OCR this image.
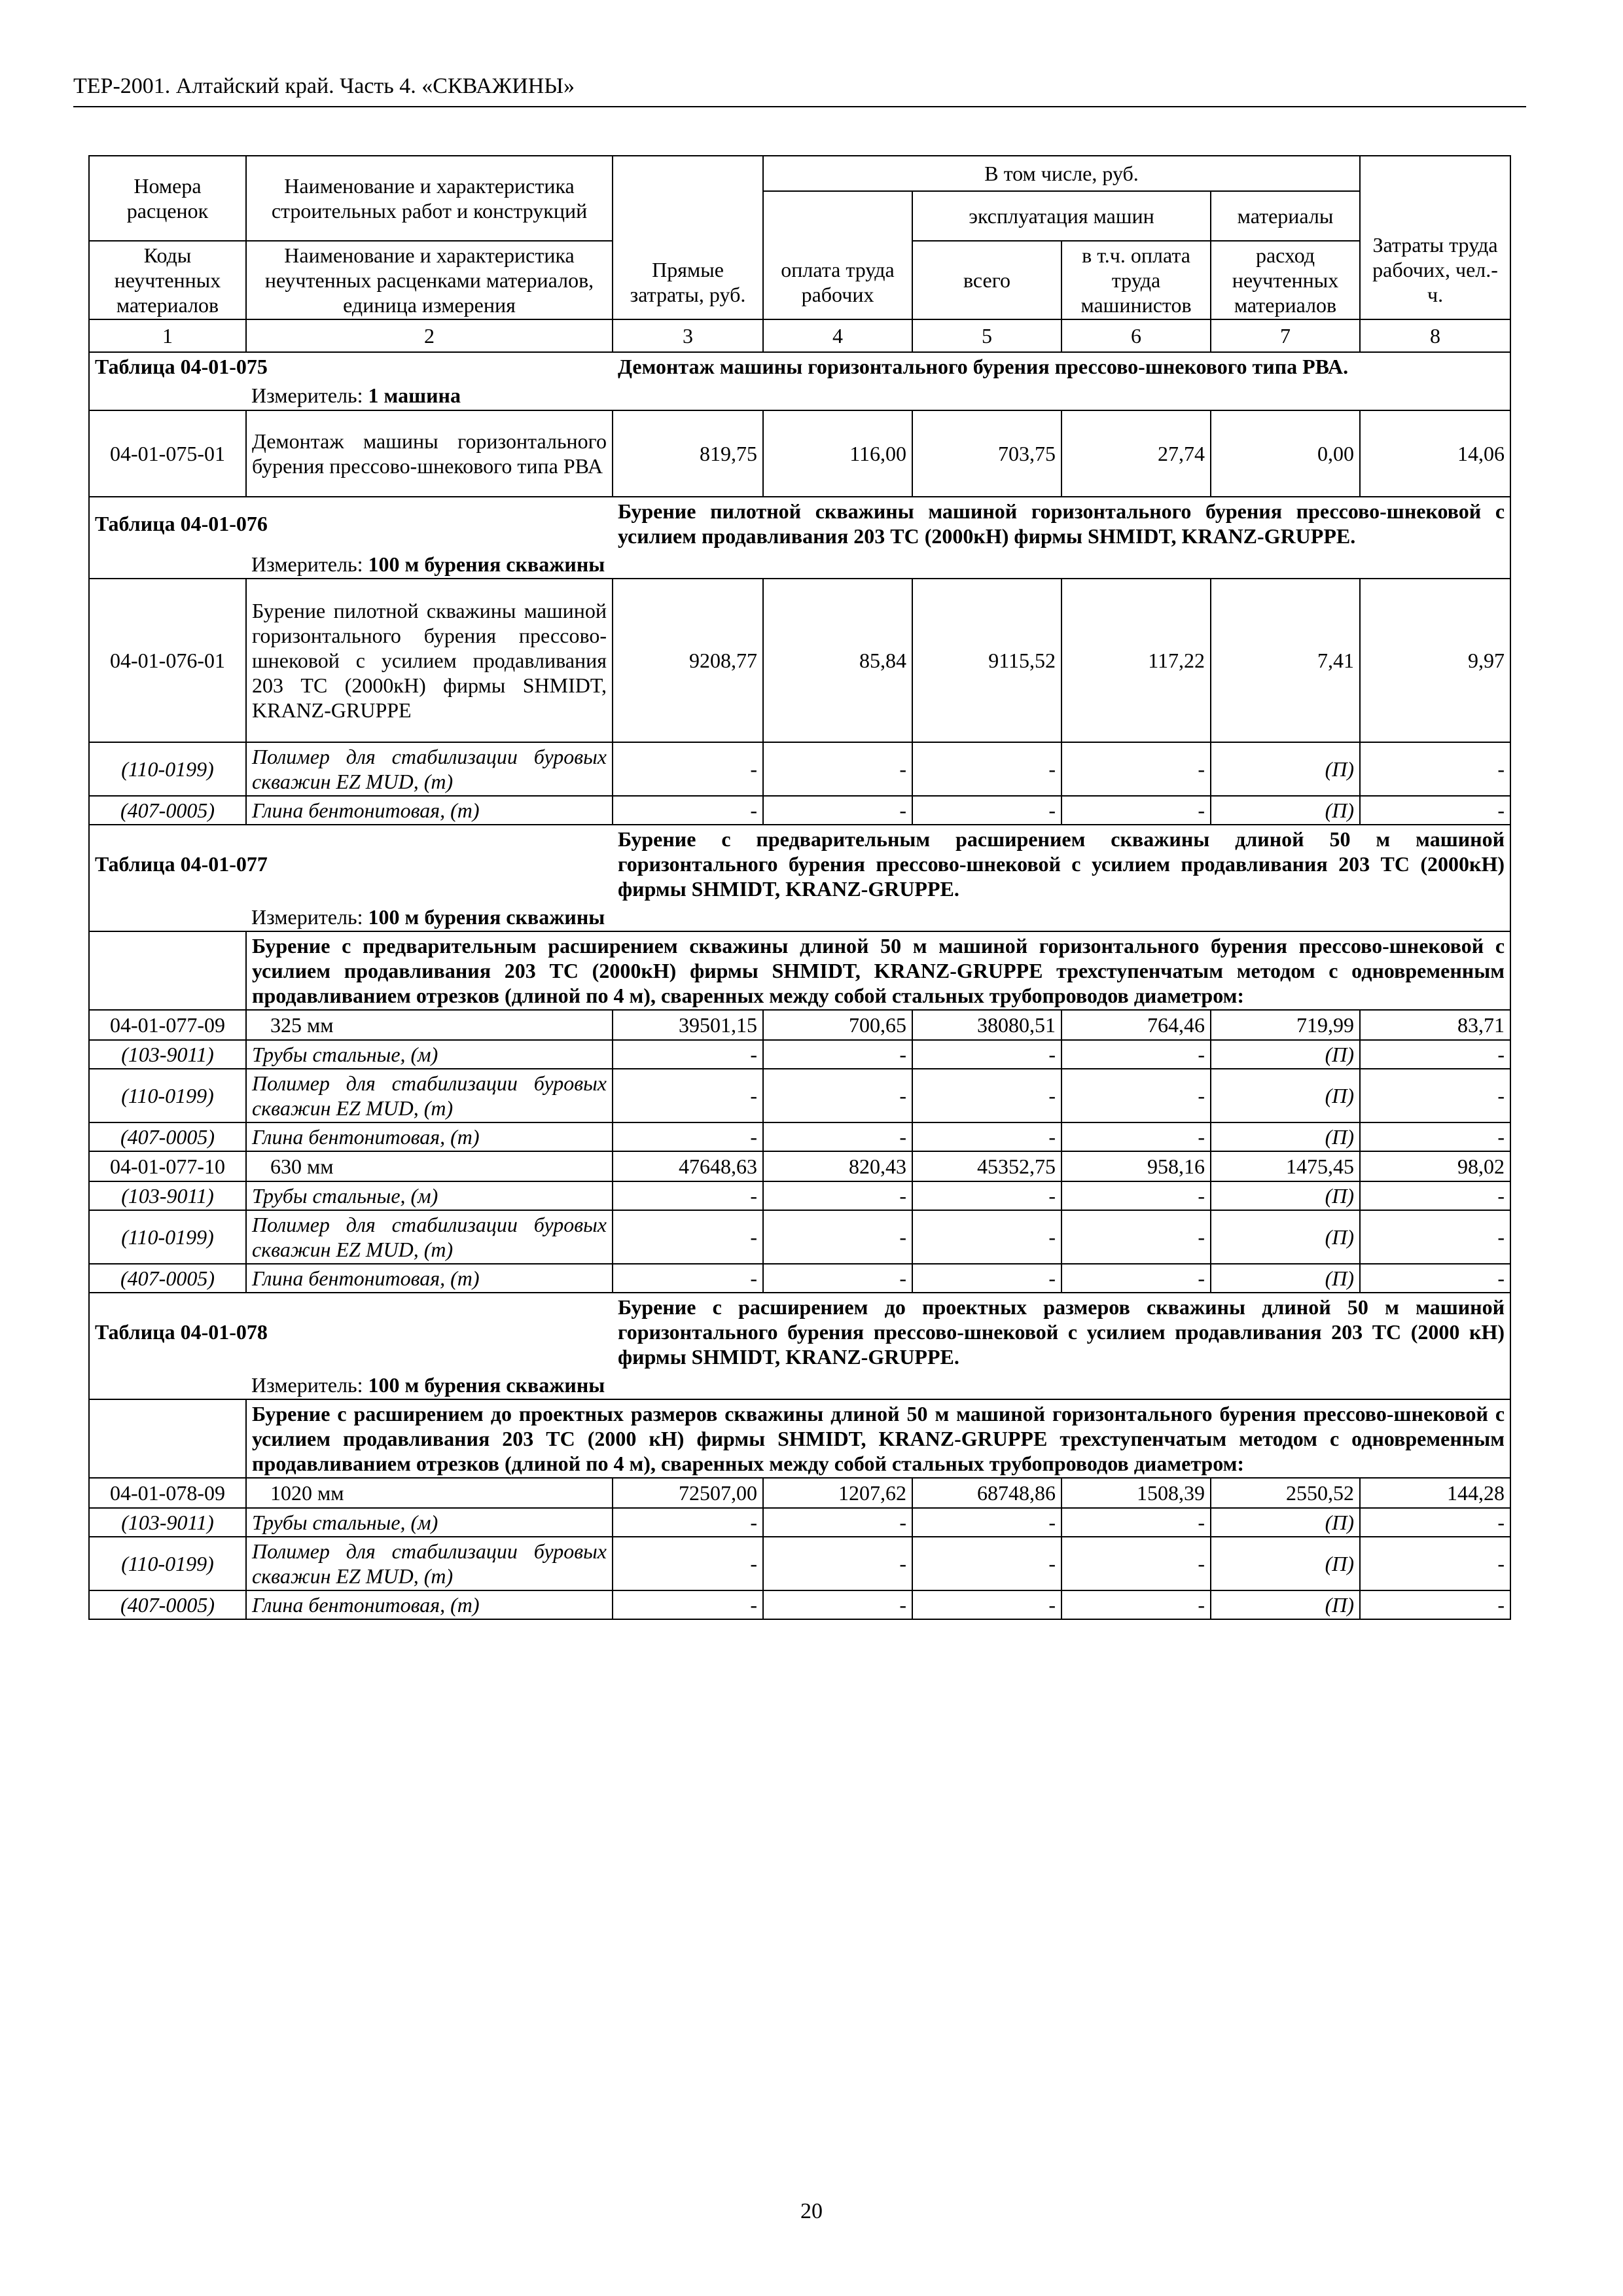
ТЕР-2001. Алтайский край. Часть 4. «СКВАЖИНЫ»
Номера расценок	Наименование и характеристика строительных работ и конструкций	Прямые затраты, руб.	В том числе, руб.				Затраты труда рабочих, чел.-ч.
			оплата труда рабочих	эксплуатация машин		материалы	
Коды неучтенных материалов	Наименование и характеристика неучтенных расценками материалов, единица измерения			всего	в т.ч. оплата труда машинистов	расход неучтенных материалов	
1	2	3	4	5	6	7	8
Таблица 04-01-075		Демонтаж машины горизонтального бурения прессово-шнекового типа РВА.					
	Измеритель: 1 машина						
04-01-075-01	Демонтаж машины горизонтального бурения прессово-шнекового типа РВА	819,75	116,00	703,75	27,74	0,00	14,06
Таблица 04-01-076		Бурение пилотной скважины машиной горизонтального бурения прессово-шнековой с усилием продавливания 203 ТС (2000кН) фирмы SHMIDT, KRANZ-GRUPPE.					
	Измеритель: 100 м бурения скважины						
04-01-076-01	Бурение пилотной скважины машиной горизонтального бурения прессово-шнековой с усилием продавливания 203 ТС (2000кН) фирмы SHMIDT, KRANZ-GRUPPE	9208,77	85,84	9115,52	117,22	7,41	9,97
(110-0199)	Полимер для стабилизации буровых скважин EZ MUD, (т)	-	-	-	-	(П)	-
(407-0005)	Глина бентонитовая, (т)	-	-	-	-	(П)	-
Таблица 04-01-077		Бурение с предварительным расширением скважины длиной 50 м машиной горизонтального бурения прессово-шнековой с усилием продавливания 203 ТС (2000кН) фирмы SHMIDT, KRANZ-GRUPPE.					
	Измеритель: 100 м бурения скважины						
	Бурение с предварительным расширением скважины длиной 50 м машиной горизонтального бурения прессово-шнековой с усилием продавливания 203 ТС (2000кН) фирмы SHMIDT, KRANZ-GRUPPE трехступенчатым методом с одновременным продавливанием отрезков (длиной по 4 м), сваренных между собой стальных трубопроводов диаметром:						
04-01-077-09	325 мм	39501,15	700,65	38080,51	764,46	719,99	83,71
(103-9011)	Трубы стальные, (м)	-	-	-	-	(П)	-
(110-0199)	Полимер для стабилизации буровых скважин EZ MUD, (т)	-	-	-	-	(П)	-
(407-0005)	Глина бентонитовая, (т)	-	-	-	-	(П)	-
04-01-077-10	630 мм	47648,63	820,43	45352,75	958,16	1475,45	98,02
(103-9011)	Трубы стальные, (м)	-	-	-	-	(П)	-
(110-0199)	Полимер для стабилизации буровых скважин EZ MUD, (т)	-	-	-	-	(П)	-
(407-0005)	Глина бентонитовая, (т)	-	-	-	-	(П)	-
Таблица 04-01-078		Бурение с расширением до проектных размеров скважины длиной 50 м машиной горизонтального бурения прессово-шнековой с усилием продавливания 203 ТС (2000 кН) фирмы SHMIDT, KRANZ-GRUPPE.					
	Измеритель: 100 м бурения скважины						
	Бурение с расширением до проектных размеров скважины длиной 50 м машиной горизонтального бурения прессово-шнековой с усилием продавливания 203 ТС (2000 кН) фирмы SHMIDT, KRANZ-GRUPPE трехступенчатым методом с одновременным продавливанием отрезков (длиной по 4 м), сваренных между собой стальных трубопроводов диаметром:						
04-01-078-09	1020 мм	72507,00	1207,62	68748,86	1508,39	2550,52	144,28
(103-9011)	Трубы стальные, (м)	-	-	-	-	(П)	-
(110-0199)	Полимер для стабилизации буровых скважин EZ MUD, (т)	-	-	-	-	(П)	-
(407-0005)	Глина бентонитовая, (т)	-	-	-	-	(П)	-
20
